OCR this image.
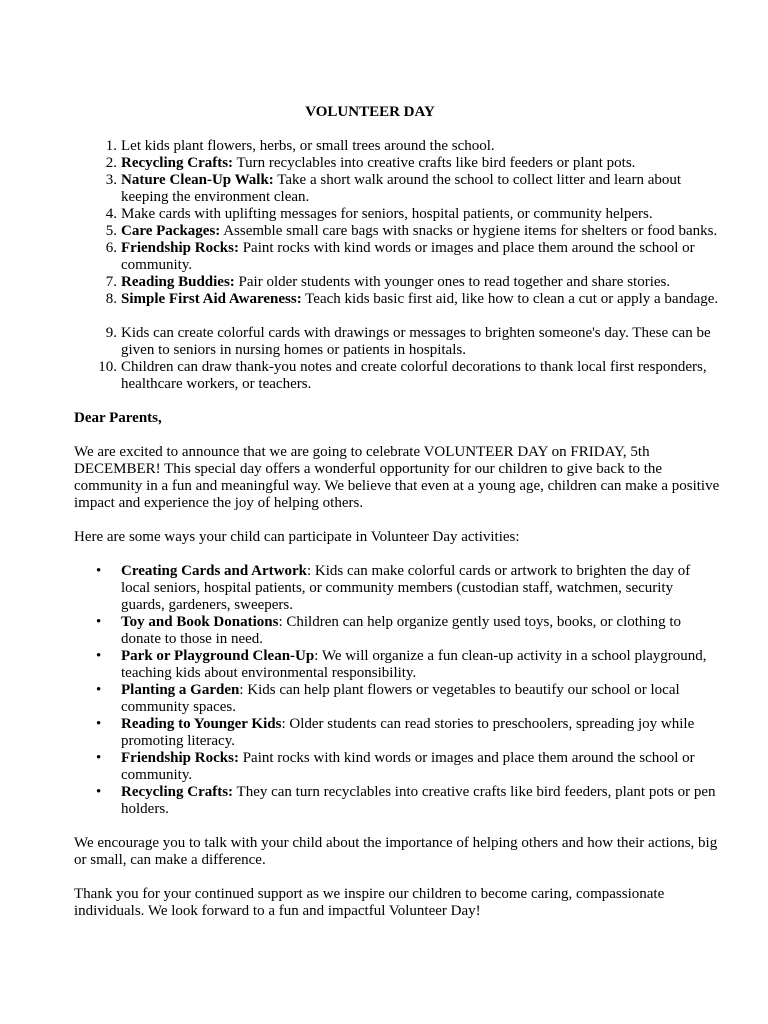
VOLUNTEER DAY
1. Let kids plant flowers, herbs, or small trees around the school.
2. Recycling Crafts: Turn recyclables into creative crafts like bird feeders or plant pots.
3. Nature Clean-Up Walk: Take a short walk around the school to collect litter and learn about keeping the environment clean.
4. Make cards with uplifting messages for seniors, hospital patients, or community helpers.
5. Care Packages: Assemble small care bags with snacks or hygiene items for shelters or food banks.
6. Friendship Rocks: Paint rocks with kind words or images and place them around the school or community.
7. Reading Buddies: Pair older students with younger ones to read together and share stories.
8. Simple First Aid Awareness: Teach kids basic first aid, like how to clean a cut or apply a bandage.
9. Kids can create colorful cards with drawings or messages to brighten someone's day. These can be given to seniors in nursing homes or patients in hospitals.
10. Children can draw thank-you notes and create colorful decorations to thank local first responders, healthcare workers, or teachers.
Dear Parents,

We are excited to announce that we are going to celebrate VOLUNTEER DAY on FRIDAY, 5th DECEMBER! This special day offers a wonderful opportunity for our children to give back to the community in a fun and meaningful way. We believe that even at a young age, children can make a positive impact and experience the joy of helping others.

Here are some ways your child can participate in Volunteer Day activities:

• Creating Cards and Artwork: Kids can make colorful cards or artwork to brighten the day of local seniors, hospital patients, or community members (custodian staff, watchmen, security guards, gardeners, sweepers.
• Toy and Book Donations: Children can help organize gently used toys, books, or clothing to donate to those in need.
• Park or Playground Clean-Up: We will organize a fun clean-up activity in a school playground, teaching kids about environmental responsibility.
• Planting a Garden: Kids can help plant flowers or vegetables to beautify our school or local community spaces.
• Reading to Younger Kids: Older students can read stories to preschoolers, spreading joy while promoting literacy.
• Friendship Rocks: Paint rocks with kind words or images and place them around the school or community.
• Recycling Crafts: They can turn recyclables into creative crafts like bird feeders, plant pots or pen holders.

We encourage you to talk with your child about the importance of helping others and how their actions, big or small, can make a difference.

Thank you for your continued support as we inspire our children to become caring, compassionate individuals. We look forward to a fun and impactful Volunteer Day!
